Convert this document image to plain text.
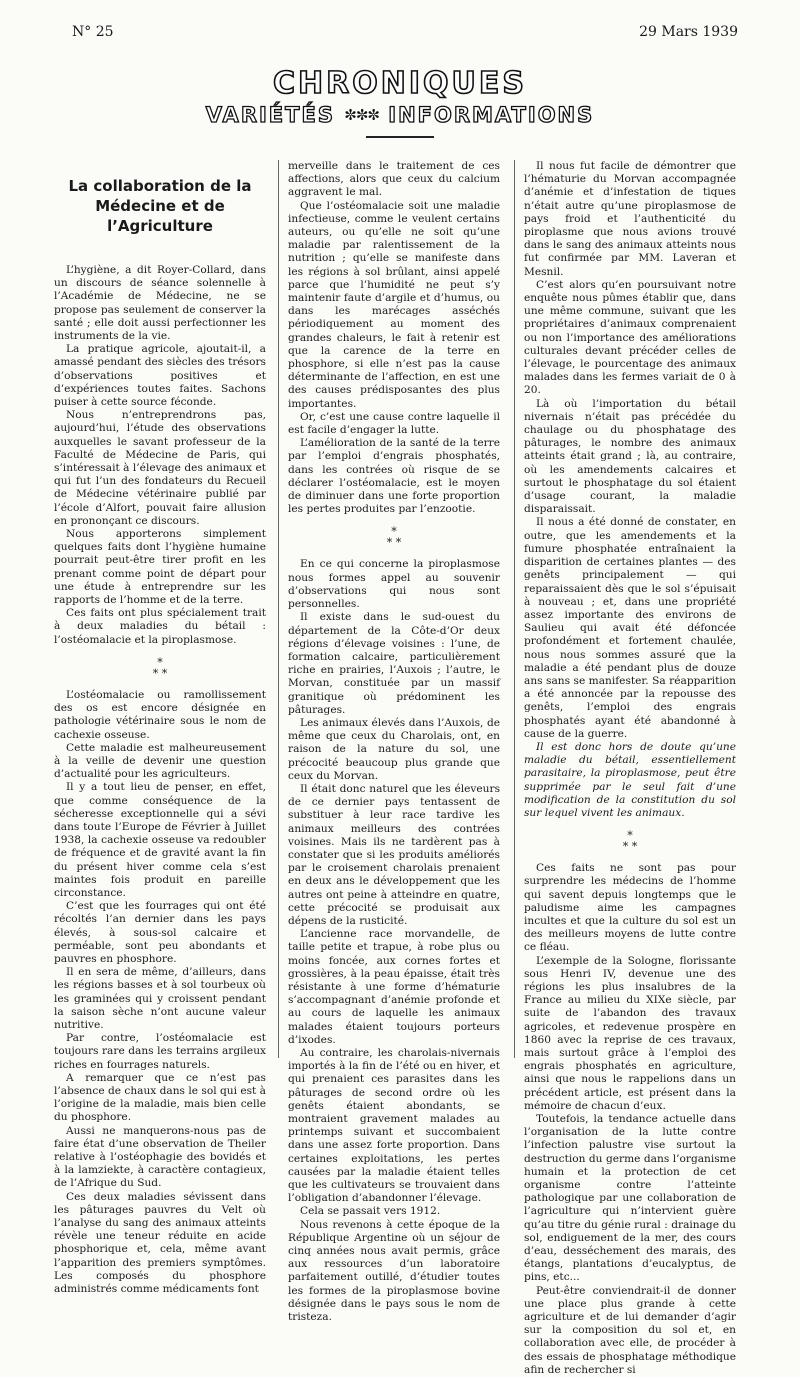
N° 25	29 Mars 1939
CHRONIQUES
VARIÉTÉS ✼✼✼ INFORMATIONS
La collaboration de la Médecine et de l’Agriculture

L’hygiène, a dit Royer-Collard, dans un discours de séance solennelle à l’Académie de Médecine, ne se propose pas seulement de conserver la santé ; elle doit aussi perfectionner les instruments de la vie.

La pratique agricole, ajoutait-il, a amassé pendant des siècles des trésors d’observations positives et d’expériences toutes faites. Sachons puiser à cette source féconde.

Nous n’entreprendrons pas, aujourd’hui, l’étude des observations auxquelles le savant professeur de la Faculté de Médecine de Paris, qui s’intéressait à l’élevage des animaux et qui fut l’un des fondateurs du Recueil de Médecine vétérinaire publié par l’école d’Alfort, pouvait faire allusion en prononçant ce discours.

Nous apporterons simplement quelques faits dont l’hygiène humaine pourrait peut-être tirer profit en les prenant comme point de départ pour une étude à entreprendre sur les rapports de l’homme et de la terre.

Ces faits ont plus spécialement trait à deux maladies du bétail : l’ostéomalacie et la piroplasmose.

*
* *

L’ostéomalacie ou ramollissement des os est encore désignée en pathologie vétérinaire sous le nom de cachexie osseuse.

Cette maladie est malheureusement à la veille de devenir une question d’actualité pour les agriculteurs.

Il y a tout lieu de penser, en effet, que comme conséquence de la sécheresse exceptionnelle qui a sévi dans toute l’Europe de Février à Juillet 1938, la cachexie osseuse va redoubler de fréquence et de gravité avant la fin du présent hiver comme cela s’est maintes fois produit en pareille circonstance.

C’est que les fourrages qui ont été récoltés l’an dernier dans les pays élevés, à sous-sol calcaire et perméable, sont peu abondants et pauvres en phosphore.

Il en sera de même, d’ailleurs, dans les régions basses et à sol tourbeux où les graminées qui y croissent pendant la saison sèche n’ont aucune valeur nutritive.

Par contre, l’ostéomalacie est toujours rare dans les terrains argileux riches en fourrages naturels.

A remarquer que ce n’est pas l’absence de chaux dans le sol qui est à l’origine de la maladie, mais bien celle du phosphore.

Aussi ne manquerons-nous pas de faire état d’une observation de Theiler relative à l’ostéophagie des bovidés et à la lamziekte, à caractère contagieux, de l’Afrique du Sud.

Ces deux maladies sévissent dans les pâturages pauvres du Velt où l’analyse du sang des animaux atteints révèle une teneur réduite en acide phosphorique et, cela, même avant l’apparition des premiers symptômes. Les composés du phosphore administrés comme médicaments font

merveille dans le traitement de ces affections, alors que ceux du calcium aggravent le mal.

Que l’ostéomalacie soit une maladie infectieuse, comme le veulent certains auteurs, ou qu’elle ne soit qu’une maladie par ralentissement de la nutrition ; qu’elle se manifeste dans les régions à sol brûlant, ainsi appelé parce que l’humidité ne peut s’y maintenir faute d’argile et d’humus, ou dans les marécages asséchés périodiquement au moment des grandes chaleurs, le fait à retenir est que la carence de la terre en phosphore, si elle n’est pas la cause déterminante de l’affection, en est une des causes prédisposantes des plus importantes.

Or, c’est une cause contre laquelle il est facile d’engager la lutte.

L’amélioration de la santé de la terre par l’emploi d’engrais phosphatés, dans les contrées où risque de se déclarer l’ostéomalacie, est le moyen de diminuer dans une forte proportion les pertes produites par l’enzootie.

*
* *

En ce qui concerne la piroplasmose nous formes appel au souvenir d’observations qui nous sont personnelles.

Il existe dans le sud-ouest du département de la Côte-d’Or deux régions d’élevage voisines : l’une, de formation calcaire, particulièrement riche en prairies, l’Auxois ; l’autre, le Morvan, constituée par un massif granitique où prédominent les pâturages.

Les animaux élevés dans l’Auxois, de même que ceux du Charolais, ont, en raison de la nature du sol, une précocité beaucoup plus grande que ceux du Morvan.

Il était donc naturel que les éleveurs de ce dernier pays tentassent de substituer à leur race tardive les animaux meilleurs des contrées voisines. Mais ils ne tardèrent pas à constater que si les produits améliorés par le croisement charolais prenaient en deux ans le développement que les autres ont peine à atteindre en quatre, cette précocité se produisait aux dépens de la rusticité.

L’ancienne race morvandelle, de taille petite et trapue, à robe plus ou moins foncée, aux cornes fortes et grossières, à la peau épaisse, était très résistante à une forme d’hématurie s’accompagnant d’anémie profonde et au cours de laquelle les animaux malades étaient toujours porteurs d’ixodes.

Au contraire, les charolais-nivernais importés à la fin de l’été ou en hiver, et qui prenaient ces parasites dans les pâturages de second ordre où les genêts étaient abondants, se montraient gravement malades au printemps suivant et succombaient dans une assez forte proportion. Dans certaines exploitations, les pertes causées par la maladie étaient telles que les cultivateurs se trouvaient dans l’obligation d’abandonner l’élevage.

Cela se passait vers 1912.

Nous revenons à cette époque de la République Argentine où un séjour de cinq années nous avait permis, grâce aux ressources d’un laboratoire parfaitement outillé, d’étudier toutes les formes de la piroplasmose bovine désignée dans le pays sous le nom de tristeza.

Il nous fut facile de démontrer que l’hématurie du Morvan accompagnée d’anémie et d’infestation de tiques n’était autre qu’une piroplasmose de pays froid et l’authenticité du piroplasme que nous avions trouvé dans le sang des animaux atteints nous fut confirmée par MM. Laveran et Mesnil.

C’est alors qu’en poursuivant notre enquête nous pûmes établir que, dans une même commune, suivant que les propriétaires d’animaux comprenaient ou non l’importance des améliorations culturales devant précéder celles de l’élevage, le pourcentage des animaux malades dans les fermes variait de 0 à 20.

Là où l’importation du bétail nivernais n’était pas précédée du chaulage ou du phosphatage des pâturages, le nombre des animaux atteints était grand ; là, au contraire, où les amendements calcaires et surtout le phosphatage du sol étaient d’usage courant, la maladie disparaissait.

Il nous a été donné de constater, en outre, que les amendements et la fumure phosphatée entraînaient la disparition de certaines plantes — des genêts principalement — qui reparaissaient dès que le sol s’épuisait à nouveau ; et, dans une propriété assez importante des environs de Saulieu qui avait été défoncée profondément et fortement chaulée, nous nous sommes assuré que la maladie a été pendant plus de douze ans sans se manifester. Sa réapparition a été annoncée par la repousse des genêts, l’emploi des engrais phosphatés ayant été abandonné à cause de la guerre.

Il est donc hors de doute qu’une maladie du bétail, essentiellement parasitaire, la piroplasmose, peut être supprimée par le seul fait d’une modification de la constitution du sol sur lequel vivent les animaux.

*
* *

Ces faits ne sont pas pour surprendre les médecins de l’homme qui savent depuis longtemps que le paludisme aime les campagnes incultes et que la culture du sol est un des meilleurs moyens de lutte contre ce fléau.

L’exemple de la Sologne, florissante sous Henri IV, devenue une des régions les plus insalubres de la France au milieu du XIXe siècle, par suite de l’abandon des travaux agricoles, et redevenue prospère en 1860 avec la reprise de ces travaux, mais surtout grâce à l’emploi des engrais phosphatés en agriculture, ainsi que nous le rappelions dans un précédent article, est présent dans la mémoire de chacun d’eux.

Toutefois, la tendance actuelle dans l’organisation de la lutte contre l’infection palustre vise surtout la destruction du germe dans l’organisme humain et la protection de cet organisme contre l’atteinte pathologique par une collaboration de l’agriculture qui n’intervient guère qu’au titre du génie rural : drainage du sol, endiguement de la mer, des cours d’eau, desséchement des marais, des étangs, plantations d’eucalyptus, de pins, etc...

Peut-être conviendrait-il de donner une place plus grande à cette agriculture et de lui demander d’agir sur la composition du sol et, en collaboration avec elle, de procéder à des essais de phosphatage méthodique afin de rechercher si
